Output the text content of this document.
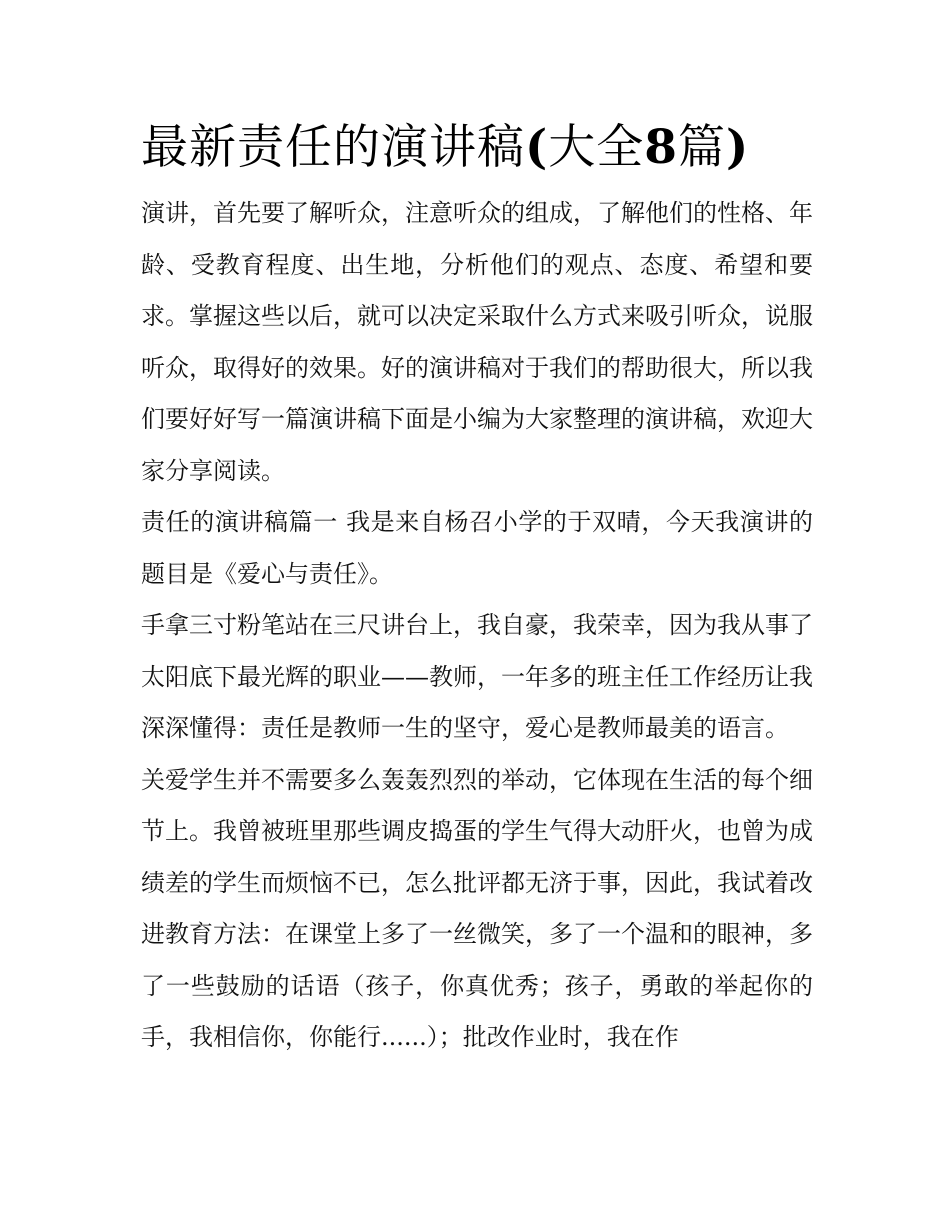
最新责任的演讲稿(大全8篇)

演讲，首先要了解听众，注意听众的组成，了解他们的性格、年龄、受教育程度、出生地，分析他们的观点、态度、希望和要求。掌握这些以后，就可以决定采取什么方式来吸引听众，说服听众，取得好的效果。好的演讲稿对于我们的帮助很大，所以我们要好好写一篇演讲稿下面是小编为大家整理的演讲稿，欢迎大家分享阅读。

责任的演讲稿篇一 我是来自杨召小学的于双晴，今天我演讲的题目是《爱心与责任》。

手拿三寸粉笔站在三尺讲台上，我自豪，我荣幸，因为我从事了太阳底下最光辉的职业——教师，一年多的班主任工作经历让我深深懂得：责任是教师一生的坚守，爱心是教师最美的语言。

关爱学生并不需要多么轰轰烈烈的举动，它体现在生活的每个细节上。我曾被班里那些调皮捣蛋的学生气得大动肝火，也曾为成绩差的学生而烦恼不已，怎么批评都无济于事，因此，我试着改进教育方法：在课堂上多了一丝微笑，多了一个温和的眼神，多了一些鼓励的话语（孩子，你真优秀；孩子，勇敢的举起你的手，我相信你，你能行......）；批改作业时，我在作
